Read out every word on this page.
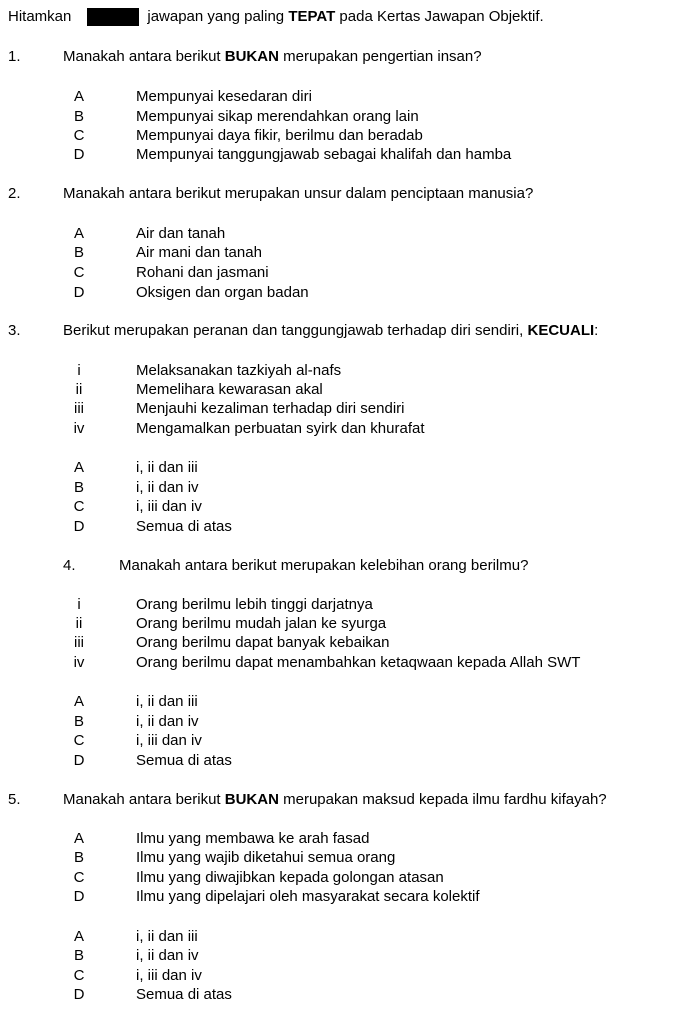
Hitamkan	jawapan yang paling TEPAT pada Kertas Jawapan Objektif.
1.	Manakah antara berikut BUKAN merupakan pengertian insan?
A	Mempunyai kesedaran diri
B	Mempunyai sikap merendahkan orang lain
C	Mempunyai daya fikir, berilmu dan beradab
D	Mempunyai tanggungjawab sebagai khalifah dan hamba
2.	Manakah antara berikut merupakan unsur dalam penciptaan manusia?
A	Air dan tanah
B	Air mani dan tanah
C	Rohani dan jasmani
D	Oksigen dan organ badan
3.	Berikut merupakan peranan dan tanggungjawab terhadap diri sendiri, KECUALI:
i	Melaksanakan tazkiyah al-nafs
ii	Memelihara kewarasan akal
iii	Menjauhi kezaliman terhadap diri sendiri
iv	Mengamalkan perbuatan syirk dan khurafat
A	i, ii dan iii
B	i, ii dan iv
C	i, iii dan iv
D	Semua di atas
4.	Manakah antara berikut merupakan kelebihan orang berilmu?
i	Orang berilmu lebih tinggi darjatnya
ii	Orang berilmu mudah jalan ke syurga
iii	Orang berilmu dapat banyak kebaikan
iv	Orang berilmu dapat menambahkan ketaqwaan kepada Allah SWT
A	i, ii dan iii
B	i, ii dan iv
C	i, iii dan iv
D	Semua di atas
5.	Manakah antara berikut BUKAN merupakan maksud kepada ilmu fardhu kifayah?
A	Ilmu yang membawa ke arah fasad
B	Ilmu yang wajib diketahui semua orang
C	Ilmu yang diwajibkan kepada golongan atasan
D	Ilmu yang dipelajari oleh masyarakat secara kolektif
A	i, ii dan iii
B	i, ii dan iv
C	i, iii dan iv
D	Semua di atas
